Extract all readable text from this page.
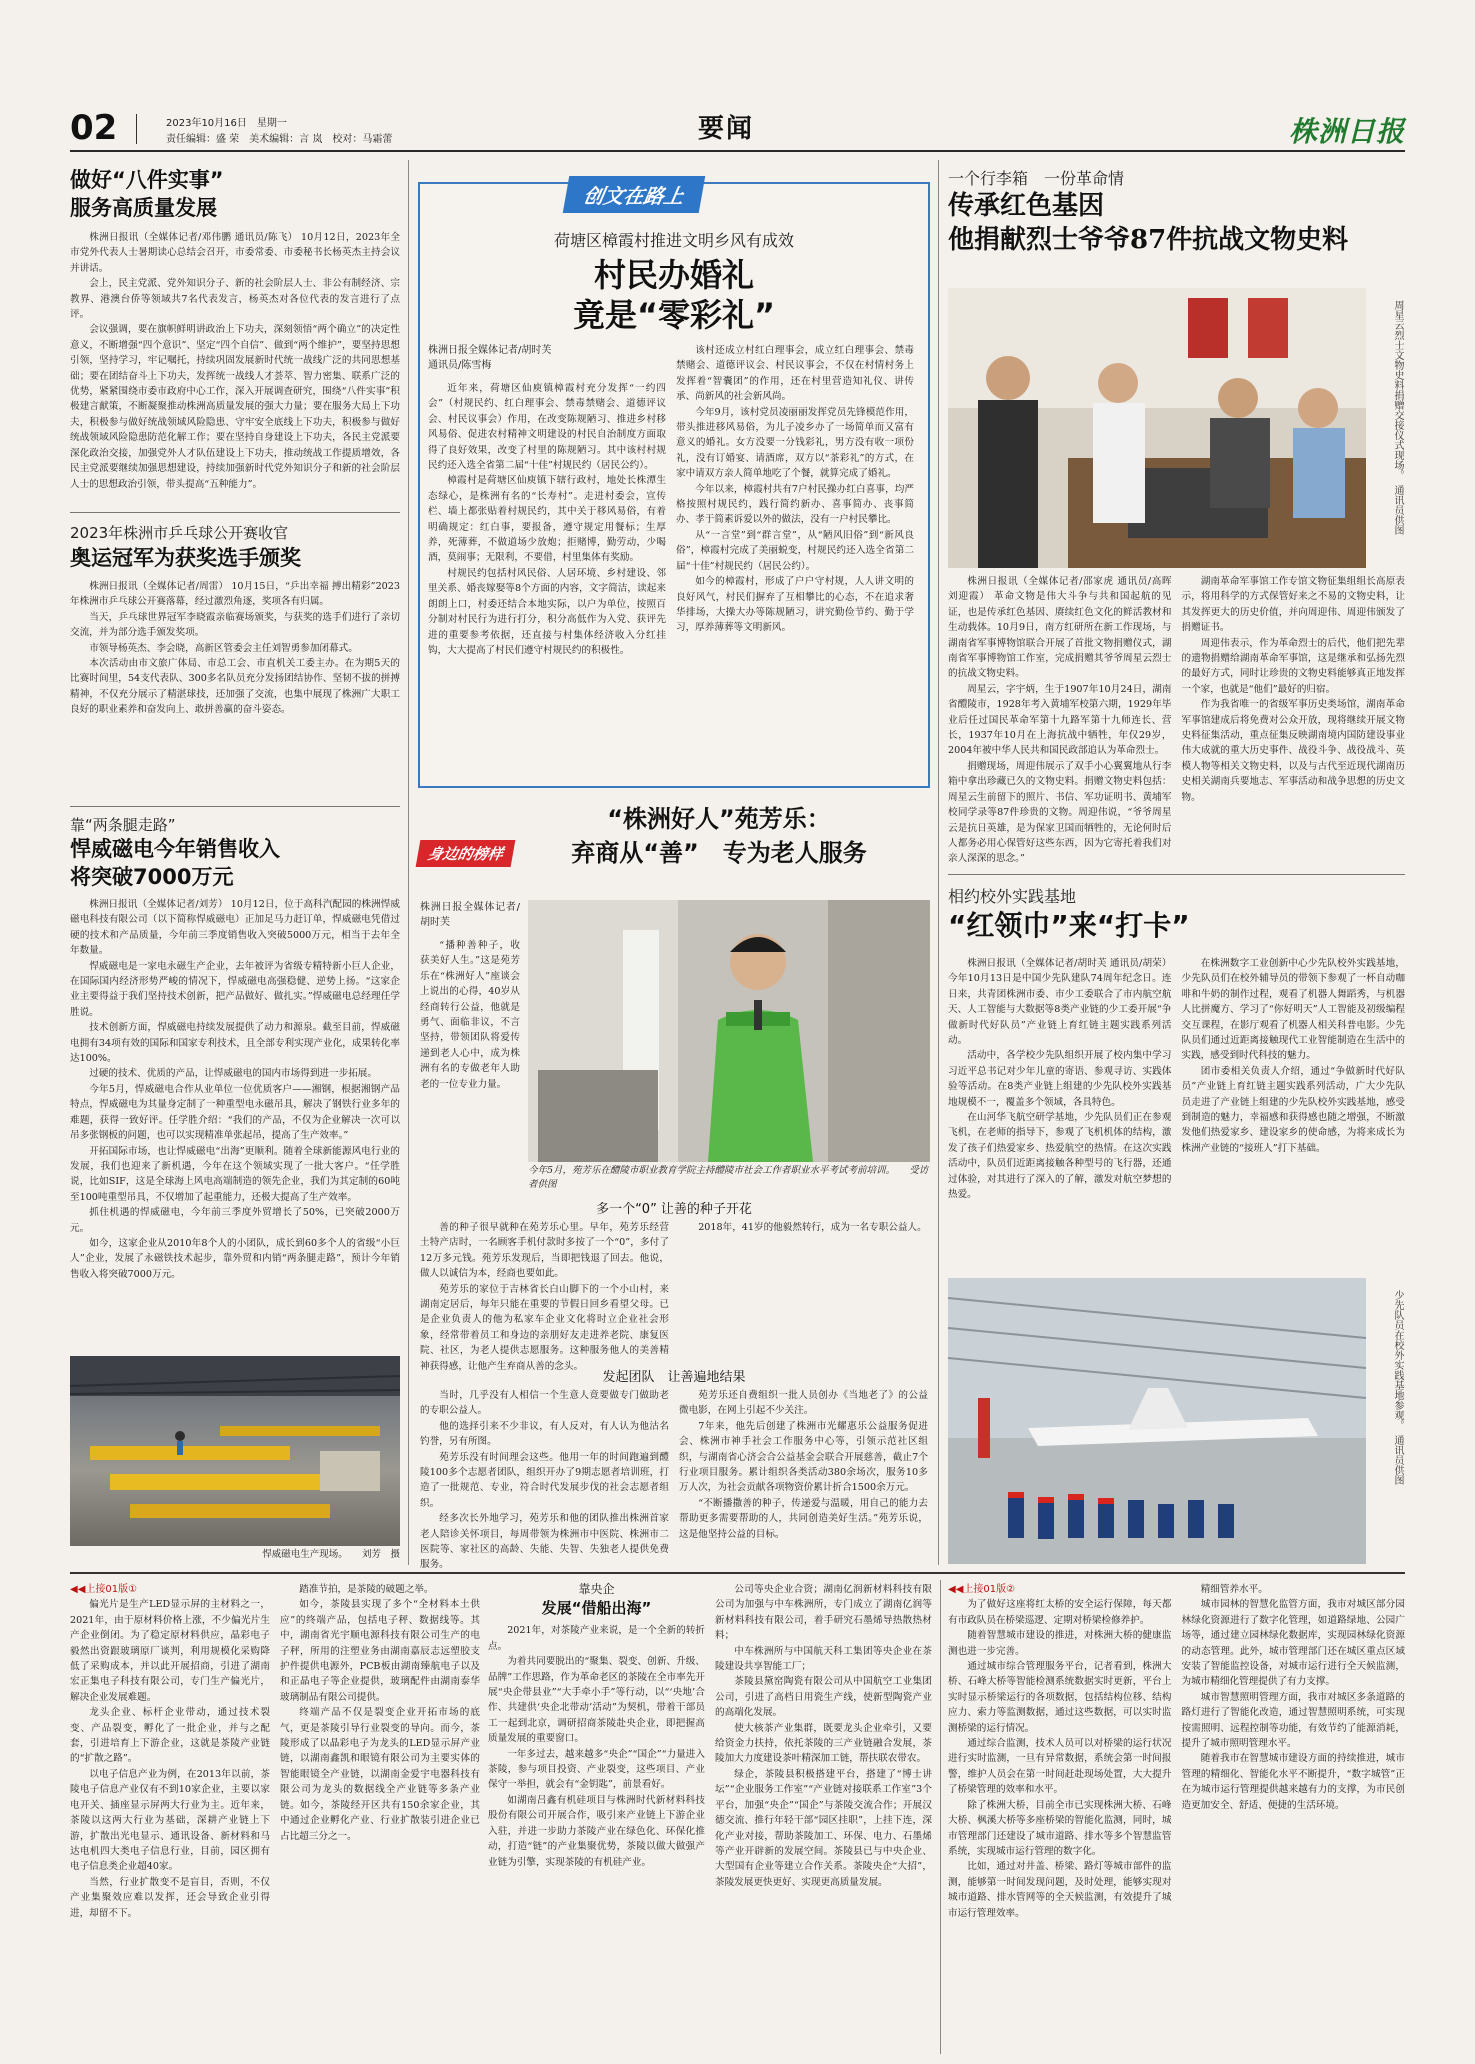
02	2023年10月16日　星期一
责任编辑：盛 荣　美术编辑：言 岚　校对：马霜蕾	要闻	株洲日报
做好“八件实事”
服务高质量发展

株洲日报讯（全媒体记者/邓伟鹏 通讯员/陈飞） 10月12日，2023年全市党外代表人士暑期读心总结会召开，市委常委、市委秘书长杨英杰主持会议并讲话。

会上，民主党派、党外知识分子、新的社会阶层人士、非公有制经济、宗教界、港澳台侨等领域共7名代表发言，杨英杰对各位代表的发言进行了点评。

会议强调，要在旗帜鲜明讲政治上下功夫，深刻领悟“两个确立”的决定性意义，不断增强“四个意识”、坚定“四个自信”、做到“两个维护”，要坚持思想引领，坚持学习，牢记嘱托，持续巩固发展新时代统一战线广泛的共同思想基础；要在团结奋斗上下功夫，发挥统一战线人才荟萃、智力密集、联系广泛的优势，紧紧围绕市委市政府中心工作，深入开展调查研究，围绕“八件实事”积极建言献策，不断凝聚推动株洲高质量发展的强大力量；要在服务大局上下功夫，积极参与做好统战领域风险隐患、守牢安全底线上下功夫，积极参与做好统战领域风险隐患防范化解工作；要在坚持自身建设上下功夫，各民主党派要深化政治交接，加强党外人才队伍建设上下功夫，推动统战工作提质增效，各民主党派要继续加强思想建设，持续加强新时代党外知识分子和新的社会阶层人士的思想政治引领，带头提高“五种能力”。

2023年株洲市乒乓球公开赛收官
奥运冠军为获奖选手颁奖

株洲日报讯（全媒体记者/周雷） 10月15日，“乒出幸福 搏出精彩”2023年株洲市乒乓球公开赛落幕，经过激烈角逐，奖项各有归属。

当天，乒乓球世界冠军李晓霞亲临赛场颁奖，与获奖的选手们进行了亲切交流，并为部分选手颁发奖项。

市领导杨英杰、李会晓，高新区管委会主任刘智勇参加闭幕式。

本次活动由市文旅广体局、市总工会、市直机关工委主办。在为期5天的比赛时间里，54支代表队、300多名队员充分发扬团结协作、坚韧不拔的拼搏精神，不仅充分展示了精湛球技，还加强了交流，也集中展现了株洲广大职工良好的职业素养和奋发向上、敢拼善赢的奋斗姿态。

靠“两条腿走路”
悍威磁电今年销售收入
将突破7000万元

株洲日报讯（全媒体记者/刘芳） 10月12日，位于高科汽配园的株洲悍威磁电科技有限公司（以下简称悍威磁电）正加足马力赶订单，悍威磁电凭借过硬的技术和产品质量，今年前三季度销售收入突破5000万元，相当于去年全年数量。

悍威磁电是一家电永磁生产企业，去年被评为省级专精特新小巨人企业，在国际国内经济形势严峻的情况下，悍威磁电高强稳健、逆势上扬。“这家企业主要得益于我们坚持技术创新，把产品做好、做扎实。”悍威磁电总经理任学胜说。

技术创新方面，悍威磁电持续发展提供了动力和源泉。截至目前，悍威磁电拥有34项有效的国际和国家专利技术，且全部专利实现产业化，成果转化率达100%。

过硬的技术、优质的产品，让悍威磁电的国内市场得到进一步拓展。

今年5月，悍威磁电合作从业单位一位优质客户——湘钢，根据湘钢产品特点，悍威磁电为其量身定制了一种重型电永磁吊具，解决了钢铁行业多年的难题，获得一致好评。任学胜介绍：“我们的产品，不仅为企业解决一次可以吊多张钢板的问题，也可以实现精准单张起吊，提高了生产效率。”

开拓国际市场，也让悍威磁电“出海”更顺利。随着全球新能源风电行业的发展，我们也迎来了新机遇，今年在这个领域实现了一批大客户。“任学胜说，比如SIF，这是全球海上风电高端制造的领先企业，我们为其定制的60吨至100吨重型吊具，不仅增加了起重能力，还极大提高了生产效率。

抓住机遇的悍威磁电，今年前三季度外贸增长了50%，已突破2000万元。

如今，这家企业从2010年8个人的小团队，成长到60多个人的省级“小巨人”企业，发展了永磁铁技术起步，靠外贸和内销“两条腿走路”，预计今年销售收入将突破7000万元。

悍威磁电生产现场。　　刘芳　摄
创文在路上
荷塘区樟霞村推进文明乡风有成效
村民办婚礼
竟是“零彩礼”
株洲日报全媒体记者/胡时芙
通讯员/陈雪梅

近年来，荷塘区仙庾镇樟霞村充分发挥“一约四会”（村规民约、红白理事会、禁毒禁赌会、道德评议会、村民议事会）作用，在改变陈规陋习、推进乡村移风易俗、促进农村精神文明建设的村民自治制度方面取得了良好效果，改变了村里的陈规陋习。其中该村村规民约还入选全省第二届“十佳”村规民约（居民公约）。

樟霞村是荷塘区仙庾镇下辖行政村，地处长株潭生态绿心，是株洲有名的“长寿村”。走进村委会，宣传栏、墙上都张贴着村规民约，其中关于移风易俗，有着明确规定：红白事，要报备，遵守规定用餐标；生厚养，死薄葬，不做道场少放炮；拒赌博，勤劳动，少喝酒，莫闹事；无限利，不要借，村里集体有奖励。

村规民约包括村风民俗、人居环境、乡村建设、邻里关系、婚丧嫁娶等8个方面的内容，文字简洁，读起来朗朗上口，村委还结合本地实际，以户为单位，按照百分制对村民行为进行打分，积分高低作为入党、获评先进的重要参考依据，还直接与村集体经济收入分红挂钩，大大提高了村民们遵守村规民约的积极性。

该村还成立村红白理事会，成立红白理事会、禁毒禁赌会、道德评议会、村民议事会，不仅在村情村务上发挥着“智囊团”的作用，还在村里营造知礼仪、讲传承、尚新风的社会新风尚。

今年9月，该村党员凌丽丽发挥党员先锋模范作用，带头推进移风易俗，为儿子凌乡办了一场简单而又富有意义的婚礼。女方没要一分钱彩礼，男方没有收一项份礼，没有订婚宴、请酒席，双方以“茶彩礼”的方式，在家中请双方亲人简单地吃了个餐，就算完成了婚礼。

今年以来，樟霞村共有7户村民操办红白喜事，均严格按照村规民约，践行简约新办、喜事简办、丧事简办、孝于简素诉爱以外的做法，没有一户村民攀比。

从“一言堂”到“群言堂”，从“陋风旧俗”到“新风良俗”，樟霞村完成了美丽蜕变，村规民约还入选全省第二届“十佳”村规民约（居民公约）。

如今的樟霞村，形成了户户守村规，人人讲文明的良好风气，村民们摒弃了互相攀比的心态，不在追求奢华排场，大操大办等陈规陋习，讲究勤俭节约、勤于学习，厚养薄葬等文明新风。

身边的榜样
“株洲好人”苑芳乐：
弃商从“善”　专为老人服务
株洲日报全媒体记者/胡时芙

“播种善种子，收获美好人生。”这是苑芳乐在“株洲好人”座谈会上说出的心得，40岁从经商转行公益，他就是勇气、面临非议，不言坚持，带领团队将爱传递到老人心中，成为株洲有名的专做老年人助老的一位专业力量。

今年5月，苑芳乐在醴陵市职业教育学院主持醴陵市社会工作者职业水平考试考前培训。　　受访者供图
多一个“0” 让善的种子开花

善的种子很早就种在苑芳乐心里。早年，苑芳乐经营土特产店时，一名顾客手机付款时多按了一个“0”，多付了12万多元钱。苑芳乐发现后，当即把钱退了回去。他说，做人以诚信为本，经商也要如此。

苑芳乐的家位于吉林省长白山脚下的一个小山村，来湖南定居后，每年只能在重要的节假日回乡看望父母。已是企业负责人的他为私家车企业文化将时立企业社会形象，经常带着员工和身边的亲朋好友走进养老院、康复医院、社区，为老人提供志愿服务。这种服务他人的美善精神获得感，让他产生弃商从善的念头。

2018年，41岁的他毅然转行，成为一名专职公益人。

发起团队　让善遍地结果

当时，几乎没有人相信一个生意人竟要做专门做助老的专职公益人。

他的选择引来不少非议，有人反对，有人认为他沽名钓誉，另有所图。

苑芳乐没有时间理会这些。他用一年的时间跑遍到醴陵100多个志愿者团队，组织开办了9期志愿者培训班，打造了一批规范、专业，符合时代发展步伐的社会志愿者组织。

经多次长外地学习，苑芳乐和他的团队推出株洲首家老人陪诊关怀项目，每周带领为株洲市中医院、株洲市二医院等、家社区的高龄、失能、失智、失独老人提供免费服务。

苑芳乐还自费组织一批人员创办《当地老了》的公益微电影，在网上引起不少关注。

7年来，他先后创建了株洲市光耀惠乐公益服务促进会、株洲市神手社会工作服务中心等，引领示范社区组织，与湖南省心济会合公益基金会联合开展慈善，截止7个行业项目服务。累计组织各类活动380余场次，服务10多万人次，为社会贡献各项物资价累计折合1500余万元。

“不断播撒善的种子，传递爱与温暖，用自己的能力去帮助更多需要帮助的人，共同创造美好生活。”苑芳乐说，这是他坚持公益的目标。

一个行李箱　一份革命情
传承红色基因
他捐献烈士爷爷87件抗战文物史料
周星云烈士文物史料捐赠交接仪式现场。　通讯员供图

株洲日报讯（全媒体记者/邵家虎 通讯员/高晖 刘迎霞） 革命文物是伟大斗争与共和国起航的见证，也是传承红色基因、赓续红色文化的鲜活教材和生动载体。10月9日，南方红研所在新工作现场，与湖南省军事博物馆联合开展了首批文物捐赠仪式，湖南省军事博物馆工作室，完成捐赠其爷爷周星云烈士的抗战文物史料。

周星云，字宇炳，生于1907年10月24日，湖南省醴陵市，1928年考入黄埔军校第六期，1929年毕业后任过国民革命军第十九路军第十九师连长、营长，1937年10月在上海抗战中牺牲，年仅29岁，2004年被中华人民共和国民政部追认为革命烈士。

捐赠现场，周迎伟展示了双手小心翼翼地从行李箱中拿出珍藏已久的文物史料。捐赠文物史料包括：周星云生前留下的照片、书信、军功证明书、黄埔军校同学录等87件珍贵的文物。周迎伟说，“爷爷周星云是抗日英雄，是为保家卫国而牺牲的，无论何时后人都务必用心保管好这些东西，因为它寄托着我们对亲人深深的思念。”

湖南革命军事馆工作专馆文物征集组组长高原表示，将用科学的方式保管好来之不易的文物史料，让其发挥更大的历史价值，并向周迎伟、周迎伟颁发了捐赠证书。

周迎伟表示，作为革命烈士的后代，他们把先辈的遗物捐赠给湖南革命军事馆，这是继承和弘扬先烈的最好方式，同时让珍贵的文物史料能够真正地发挥一个家，也就是“他们”最好的归宿。

作为我省唯一的省级军事历史类场馆，湖南革命军事馆建成后将免费对公众开放，现将继续开展文物史料征集活动，重点征集反映湖南境内国防建设事业伟大成就的重大历史事件、战役斗争、战役战斗、英模人物等相关文物史料，以及与古代至近现代湖南历史相关湖南兵要地志、军事活动和战争思想的历史文物。

相约校外实践基地
“红领巾”来“打卡”

株洲日报讯（全媒体记者/胡时芙 通讯员/胡荣） 今年10月13日是中国少先队建队74周年纪念日。连日来，共青团株洲市委、市少工委联合了市内航空航天、人工智能与大数据等8类产业链的少工委开展“争做新时代好队员”产业链上育红链主题实践系列活动。

活动中，各学校少先队组织开展了校内集中学习习近平总书记对少年儿童的寄语、参观寻访、实践体验等活动。在8类产业链上组建的少先队校外实践基地规模不一，覆盖多个领域，各具特色。

在山河华飞航空研学基地，少先队员们正在参观飞机，在老师的指导下，参观了飞机机体的结构，激发了孩子们热爱家乡、热爱航空的热情。在这次实践活动中，队员们近距离接触各种型号的飞行器，还通过体验，对其进行了深入的了解，激发对航空梦想的热爱。

在株洲数字工业创新中心少先队校外实践基地，少先队员们在校外辅导员的带领下参观了一杯自动咖啡和牛奶的制作过程，观看了机器人舞蹈秀，与机器人比拼魔方、学习了“你好明天”人工智能及初级编程交互课程，在影厅观看了机器人相关科普电影。少先队员们通过近距离接触现代工业智能制造在生活中的实践，感受到时代科技的魅力。

团市委相关负责人介绍，通过“争做新时代好队员”产业链上育红链主题实践系列活动，广大少先队员走进了产业链上组建的少先队校外实践基地，感受到制造的魅力，幸福感和获得感也随之增强，不断激发他们热爱家乡、建设家乡的使命感，为将来成长为株洲产业链的“接班人”打下基础。

少先队员在校外实践基地参观。　通讯员供图
◀◀上接01版①

偏光片是生产LED显示屏的主材料之一，2021年，由于原材料价格上涨，不少偏光片生产企业倒闭。为了稳定原材料供应，晶彩电子毅然出资跟玻璃原厂谈判，利用规模化采购降低了采购成本，并以此开展招商，引进了湖南宏正集电子科技有限公司，专门生产偏光片，解决企业发展难题。

龙头企业、标杆企业带动，通过技术裂变、产品裂变，孵化了一批企业，并与之配套，引进培育上下游企业，这就是茶陵产业链的“扩散之路”。

以电子信息产业为例，在2013年以前，茶陵电子信息产业仅有不到10家企业，主要以家电开关、插座显示屏两大行业为主。近年来，茶陵以这两大行业为基础，深耕产业链上下游，扩散出光电显示、通讯设备、新材料和马达电机四大类电子信息行业，目前，园区拥有电子信息类企业超40家。

当然，行业扩散变不是盲目，否则，不仅产业集聚效应难以发挥，还会导致企业引得进，却留不下。

踏准节拍，是茶陵的破题之举。

如今，茶陵县实现了多个“全材料本土供应”的终端产品，包括电子秤、数据线等。其中，湖南省光宇顺电源科技有限公司生产的电子秤，所用的注塑业务由湖南嘉辰志远塑胶支护件提供电源外，PCB板由湖南臻航电子以及和正晶电子等企业提供，玻璃配件由湖南泰华玻璃制品有限公司提供。

终端产品不仅是裂变企业开拓市场的底气，更是茶陵引导行业裂变的导向。而今，茶陵形成了以晶彩电子为龙头的LED显示屏产业链，以湖南鑫凯和眼镜有限公司为主要实体的智能眼镜全产业链，以湖南金爱宇电器科技有限公司为龙头的数据线全产业链等多条产业链。如今，茶陵经开区共有150余家企业，其中通过企业孵化产业、行业扩散装引进企业已占比超三分之一。

靠央企
发展“借船出海”

2021年，对茶陵产业来说，是一个全新的转折点。

为着共同要脱出的“聚集、裂变、创新、升级、品牌”工作思路，作为革命老区的茶陵在全市率先开展“央企带县业”“大手牵小手”等行动，以“‘央地’合作、共建供‘央企北带动’活动”为契机，带着干部员工一起到北京，调研招商茶陵赴央企业，即把握高质量发展的重要窗口。

一年多过去，越来越多“央企”“国企”“力量进入茶陵，参与项目投资、产业裂变，这些项目、产业保守一举担，就会有“金钥匙”，前景看好。

如湖南吕鑫有机硅项目与株洲时代新材料科技股份有限公司开展合作，吸引来产业链上下游企业入驻，并进一步助力茶陵产业在绿色化、环保化推动，打造“链”的产业集聚优势，茶陵以做大做强产业链为引擎，实现茶陵的有机硅产业。

公司等央企业合资；湖南亿润新材料科技有限公司为加强与中车株洲所，专门成立了湖南亿润等新材料科技有限公司，着手研究石墨烯导热散热材料；

中车株洲所与中国航天科工集团等央企业在茶陵建设共享智能工厂；

茶陵县黛窑陶瓷有限公司从中国航空工业集团公司，引进了高档日用瓷生产线，使新型陶瓷产业的高端化发展。

使大核茶产业集群，既要龙头企业牵引，又要给资金力扶持，依托茶陵的三产业链融合发展，茶陵加大力度建设茶叶精深加工链，帮扶联农带农。

绿企，茶陵县积极搭建平台，搭建了“博士讲坛”“企业服务工作室”“产业链对接联系工作室”3个平台，加强“央企”“国企”与茶陵交流合作；开展汉德交流、推行年轻干部“园区挂职”，上挂下连，深化产业对接，帮助茶陵加工、环保、电力、石墨烯等产业开辟新的发展空间。茶陵县已与中央企业、大型国有企业等建立合作关系。茶陵央企“大招”，茶陵发展更快更好、实现更高质量发展。

◀◀上接01版②

为了做好这座将红太桥的安全运行保障，每天都有市政队员在桥梁巡逻、定期对桥梁检修养护。

随着智慧城市建设的推进，对株洲大桥的健康监测也进一步完善。

通过城市综合管理服务平台，记者看到，株洲大桥、石峰大桥等智能检测系统数据实时更新，平台上实时显示桥梁运行的各项数据，包括结构位移、结构应力、索力等监测数据，通过这些数据，可以实时监测桥梁的运行情况。

通过综合监测，技术人员可以对桥梁的运行状况进行实时监测，一旦有异常数据，系统会第一时间报警，维护人员会在第一时间赶赴现场处置，大大提升了桥梁管理的效率和水平。

除了株洲大桥，目前全市已实现株洲大桥、石峰大桥、枫溪大桥等多座桥梁的智能化监测，同时，城市管理部门还建设了城市道路、排水等多个智慧监管系统，实现城市运行管理的数字化。

比如，通过对井盖、桥梁、路灯等城市部件的监测，能够第一时间发现问题，及时处理，能够实现对城市道路、排水管网等的全天候监测，有效提升了城市运行管理效率。

精细管养水平。

城市园林的智慧化监管方面，我市对城区部分园林绿化资源进行了数字化管理，如道路绿地、公园广场等，通过建立园林绿化数据库，实现园林绿化资源的动态管理。此外，城市管理部门还在城区重点区域安装了智能监控设备，对城市运行进行全天候监测，为城市精细化管理提供了有力支撑。

城市智慧照明管理方面，我市对城区多条道路的路灯进行了智能化改造，通过智慧照明系统，可实现按需照明、远程控制等功能，有效节约了能源消耗，提升了城市照明管理水平。

随着我市在智慧城市建设方面的持续推进，城市管理的精细化、智能化水平不断提升，“数字城管”正在为城市运行管理提供越来越有力的支撑，为市民创造更加安全、舒适、便捷的生活环境。
